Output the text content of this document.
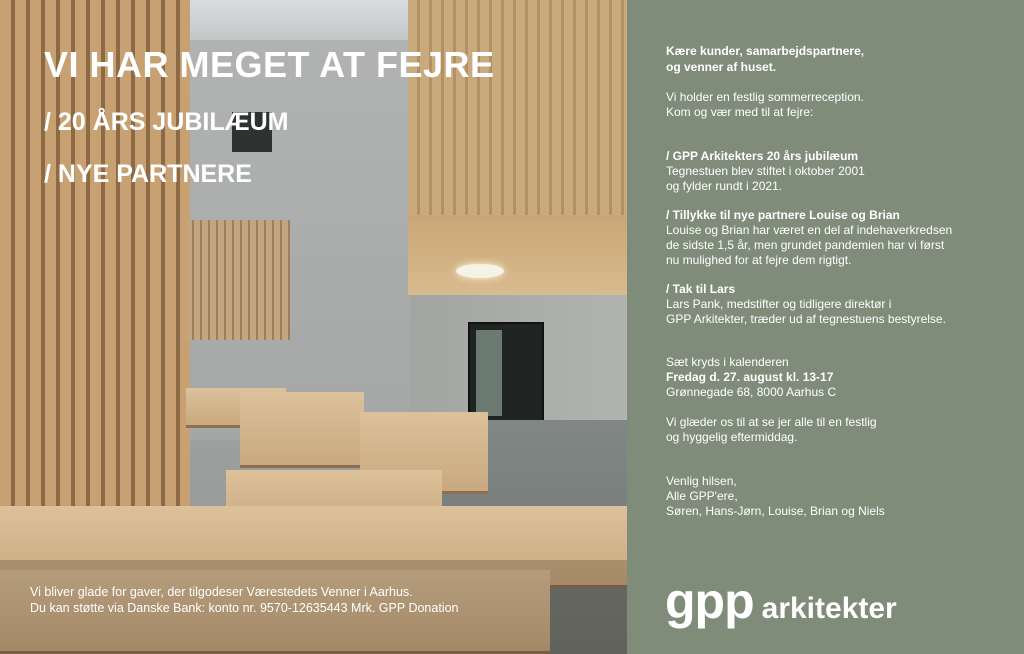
VI HAR MEGET AT FEJRE
/ 20 ÅRS JUBILÆUM
/ NYE PARTNERE

Vi bliver glade for gaver, der tilgodeser Værestedets Venner i Aarhus.

Du kan støtte via Danske Bank: konto nr. 9570-12635443 Mrk. GPP Donation

Kære kunder, samarbejdspartnere,

og venner af huset.

Vi holder en festlig sommerreception.

Kom og vær med til at fejre:

/ GPP Arkitekters 20 års jubilæum

Tegnestuen blev stiftet i oktober 2001

og fylder rundt i 2021.

/ Tillykke til nye partnere Louise og Brian

Louise og Brian har været en del af indehaverkredsen

de sidste 1,5 år, men grundet pandemien har vi først

nu mulighed for at fejre dem rigtigt.

/ Tak til Lars

Lars Pank, medstifter og tidligere direktør i

GPP Arkitekter, træder ud af tegnestuens bestyrelse.

Sæt kryds i kalenderen

Fredag d. 27. august kl. 13-17

Grønnegade 68, 8000 Aarhus C

Vi glæder os til at se jer alle til en festlig

og hyggelig eftermiddag.

Venlig hilsen,

Alle GPP'ere,

Søren, Hans-Jørn, Louise, Brian og Niels

gpp arkitekter
